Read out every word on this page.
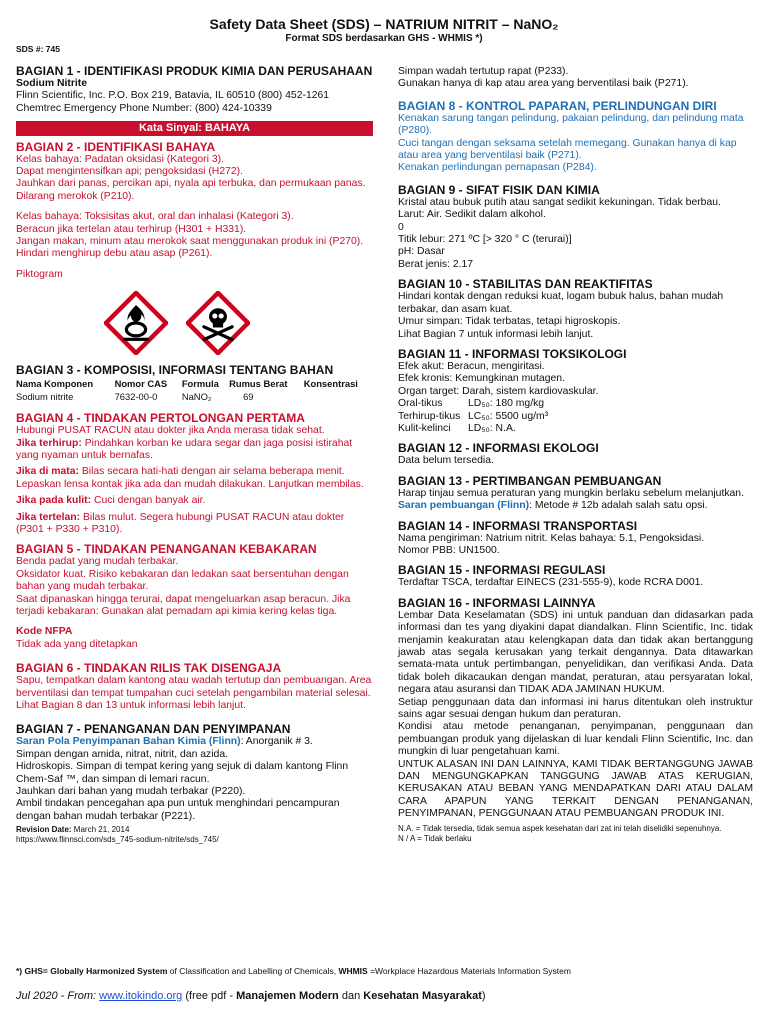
Safety Data Sheet (SDS) – NATRIUM NITRIT – NaNO₂
Format SDS berdasarkan GHS - WHMIS *)
SDS #: 745
BAGIAN 1 - IDENTIFIKASI PRODUK KIMIA DAN PERUSAHAAN
Sodium Nitrite
Flinn Scientific, Inc. P.O. Box 219, Batavia, IL 60510 (800) 452-1261
Chemtrec Emergency Phone Number: (800) 424-10339
Kata Sinyal: BAHAYA
BAGIAN 2 - IDENTIFIKASI BAHAYA
Kelas bahaya: Padatan oksidasi (Kategori 3).
Dapat mengintensifkan api; pengoksidasi (H272).
Jauhkan dari panas, percikan api, nyala api terbuka, dan permukaan panas. Dilarang merokok (P210).
Kelas bahaya: Toksisitas akut, oral dan inhalasi (Kategori 3).
Beracun jika tertelan atau terhirup (H301 + H331).
Jangan makan, minum atau merokok saat menggunakan produk ini (P270).
Hindari menghirup debu atau asap (P261).
Piktogram
BAGIAN 3 - KOMPOSISI, INFORMASI TENTANG BAHAN
Nama Komponen	Nomor CAS	Formula	Rumus Berat	Konsentrasi
Sodium nitrite	7632-00-0	NaNO₂	69	
BAGIAN 4 - TINDAKAN PERTOLONGAN PERTAMA
Hubungi PUSAT RACUN atau dokter jika Anda merasa tidak sehat.
Jika terhirup: Pindahkan korban ke udara segar dan jaga posisi istirahat yang nyaman untuk bernafas.
Jika di mata: Bilas secara hati-hati dengan air selama beberapa menit. Lepaskan lensa kontak jika ada dan mudah dilakukan. Lanjutkan membilas.
Jika pada kulit: Cuci dengan banyak air.
Jika tertelan: Bilas mulut. Segera hubungi PUSAT RACUN atau dokter (P301 + P330 + P310).
BAGIAN 5 - TINDAKAN PENANGANAN KEBAKARAN
Benda padat yang mudah terbakar.
Oksidator kuat. Risiko kebakaran dan ledakan saat bersentuhan dengan bahan yang mudah terbakar.
Saat dipanaskan hingga terurai, dapat mengeluarkan asap beracun. Jika terjadi kebakaran: Gunakan alat pemadam api kimia kering kelas tiga.
Kode NFPA
Tidak ada yang ditetapkan
BAGIAN 6 - TINDAKAN RILIS TAK DISENGAJA
Sapu, tempatkan dalam kantong atau wadah tertutup dan pembuangan. Area berventilasi dan tempat tumpahan cuci setelah pengambilan material selesai. Lihat Bagian 8 dan 13 untuk informasi lebih lanjut.
BAGIAN 7 - PENANGANAN DAN PENYIMPANAN
Saran Pola Penyimpanan Bahan Kimia (Flinn): Anorganik # 3.
Simpan dengan amida, nitrat, nitrit, dan azida.
Hidroskopis. Simpan di tempat kering yang sejuk di dalam kantong Flinn Chem-Saf ™, dan simpan di lemari racun.
Jauhkan dari bahan yang mudah terbakar (P220).
Ambil tindakan pencegahan apa pun untuk menghindari pencampuran dengan bahan mudah terbakar (P221).
Revision Date: March 21, 2014
https://www.flinnsci.com/sds_745-sodium-nitrite/sds_745/
Simpan wadah tertutup rapat (P233).
Gunakan hanya di kap atau area yang berventilasi baik (P271).
BAGIAN 8 - KONTROL PAPARAN, PERLINDUNGAN DIRI
Kenakan sarung tangan pelindung, pakaian pelindung, dan pelindung mata (P280).
Cuci tangan dengan seksama setelah memegang. Gunakan hanya di kap atau area yang berventilasi baik (P271).
Kenakan perlindungan pernapasan (P284).
BAGIAN 9 - SIFAT FISIK DAN KIMIA
Kristal atau bubuk putih atau sangat sedikit kekuningan. Tidak berbau.
Larut: Air. Sedikit dalam alkohol.
0
Titik lebur: 271 ºC [> 320 ° C (terurai)]
pH: Dasar
Berat jenis: 2.17
BAGIAN 10 - STABILITAS DAN REAKTIFITAS
Hindari kontak dengan reduksi kuat, logam bubuk halus, bahan mudah terbakar, dan asam kuat.
Umur simpan: Tidak terbatas, tetapi higroskopis.
Lihat Bagian 7 untuk informasi lebih lanjut.
BAGIAN 11 - INFORMASI TOKSIKOLOGI
Efek akut: Beracun, mengiritasi.
Efek kronis: Kemungkinan mutagen.
Organ target: Darah, sistem kardiovaskular.
Oral-tikus	LD₅₀: 180 mg/kg
Terhirup-tikus LC₅₀: 5500 ug/m³
Kulit-kelinci	LD₅₀: N.A.
BAGIAN 12 - INFORMASI EKOLOGI
Data belum tersedia.
BAGIAN 13 - PERTIMBANGAN PEMBUANGAN
Harap tinjau semua peraturan yang mungkin berlaku sebelum melanjutkan.
Saran pembuangan (Flinn): Metode # 12b adalah salah satu opsi.
BAGIAN 14 - INFORMASI TRANSPORTASI
Nama pengiriman: Natrium nitrit. Kelas bahaya: 5.1, Pengoksidasi.
Nomor PBB: UN1500.
BAGIAN 15 - INFORMASI REGULASI
Terdaftar TSCA, terdaftar EINECS (231-555-9), kode RCRA D001.
BAGIAN 16 - INFORMASI LAINNYA
Lembar Data Keselamatan (SDS) ini untuk panduan dan didasarkan pada informasi dan tes yang diyakini dapat diandalkan. Flinn Scientific, Inc. tidak menjamin keakuratan atau kelengkapan data dan tidak akan bertanggung jawab atas segala kerusakan yang terkait dengannya. Data ditawarkan semata-mata untuk pertimbangan, penyelidikan, dan verifikasi Anda. Data tidak boleh dikacaukan dengan mandat, peraturan, atau persyaratan lokal, negara atau asuransi dan TIDAK ADA JAMINAN HUKUM.
Setiap penggunaan data dan informasi ini harus ditentukan oleh instruktur sains agar sesuai dengan hukum dan peraturan.
Kondisi atau metode penanganan, penyimpanan, penggunaan dan pembuangan produk yang dijelaskan di luar kendali Flinn Scientific, Inc. dan mungkin di luar pengetahuan kami.
UNTUK ALASAN INI DAN LAINNYA, KAMI TIDAK BERTANGGUNG JAWAB DAN MENGUNGKAPKAN TANGGUNG JAWAB ATAS KERUGIAN, KERUSAKAN ATAU BEBAN YANG MENDAPATKAN DARI ATAU DALAM CARA APAPUN YANG TERKAIT DENGAN PENANGANAN, PENYIMPANAN, PENGGUNAAN ATAU PEMBUANGAN PRODUK INI.
N.A. = Tidak tersedia, tidak semua aspek kesehatan dari zat ini telah diselidiki sepenuhnya.
N / A = Tidak berlaku
*) GHS= Globally Harmonized System of Classification and Labelling of Chemicals, WHMIS =Workplace Hazardous Materials Information System
Jul 2020 - From: www.itokindo.org (free pdf - Manajemen Modern dan Kesehatan Masyarakat)
